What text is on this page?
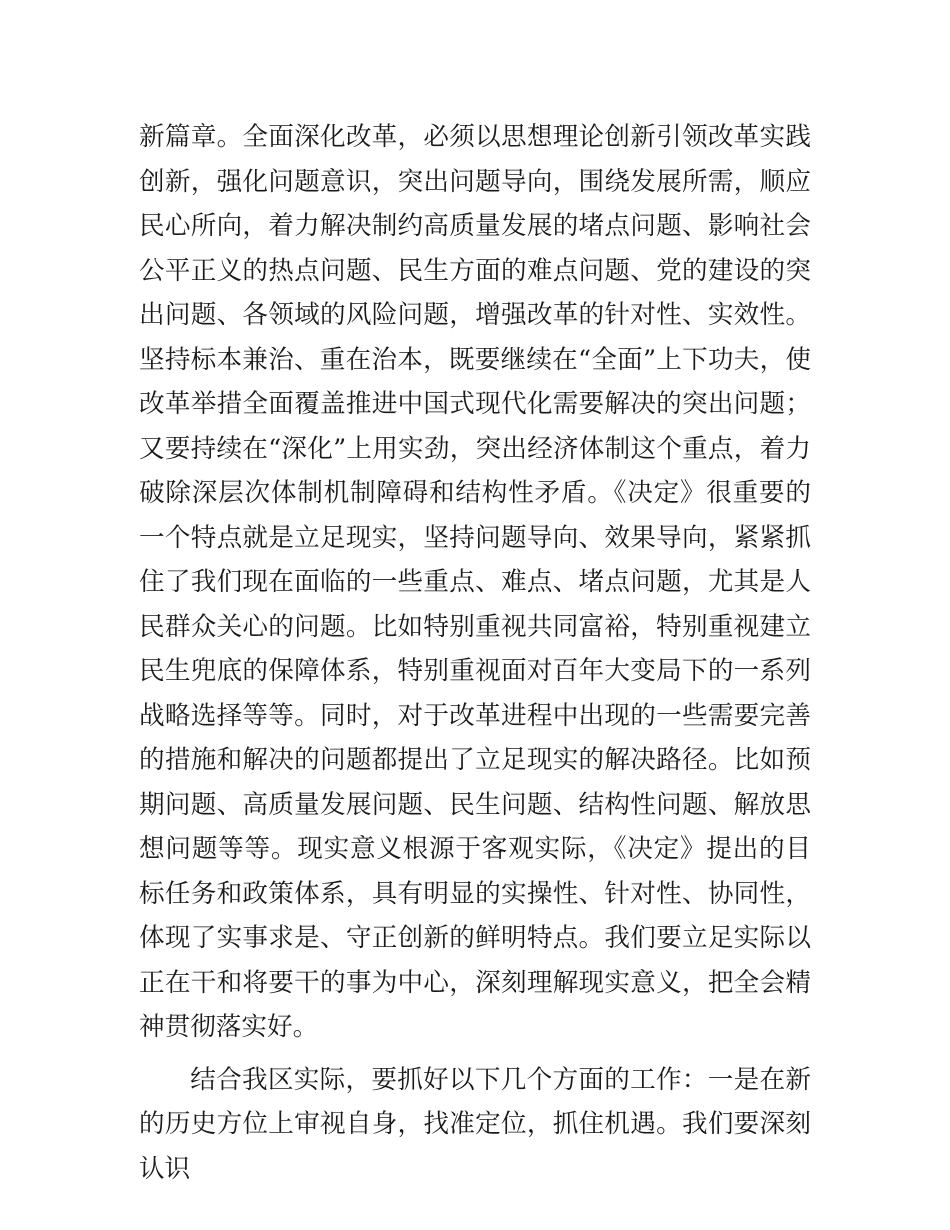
新篇章。全面深化改革，必须以思想理论创新引领改革实践创新，强化问题意识，突出问题导向，围绕发展所需，顺应民心所向，着力解决制约高质量发展的堵点问题、影响社会公平正义的热点问题、民生方面的难点问题、党的建设的突出问题、各领域的风险问题，增强改革的针对性、实效性。坚持标本兼治、重在治本，既要继续在“全面”上下功夫，使改革举措全面覆盖推进中国式现代化需要解决的突出问题；又要持续在“深化”上用实劲，突出经济体制这个重点，着力破除深层次体制机制障碍和结构性矛盾。《决定》很重要的一个特点就是立足现实，坚持问题导向、效果导向，紧紧抓住了我们现在面临的一些重点、难点、堵点问题，尤其是人民群众关心的问题。比如特别重视共同富裕，特别重视建立民生兜底的保障体系，特别重视面对百年大变局下的一系列战略选择等等。同时，对于改革进程中出现的一些需要完善的措施和解决的问题都提出了立足现实的解决路径。比如预期问题、高质量发展问题、民生问题、结构性问题、解放思想问题等等。现实意义根源于客观实际，《决定》提出的目标任务和政策体系，具有明显的实操性、针对性、协同性，体现了实事求是、守正创新的鲜明特点。我们要立足实际以正在干和将要干的事为中心，深刻理解现实意义，把全会精神贯彻落实好。

结合我区实际，要抓好以下几个方面的工作：一是在新的历史方位上审视自身，找准定位，抓住机遇。我们要深刻认识
